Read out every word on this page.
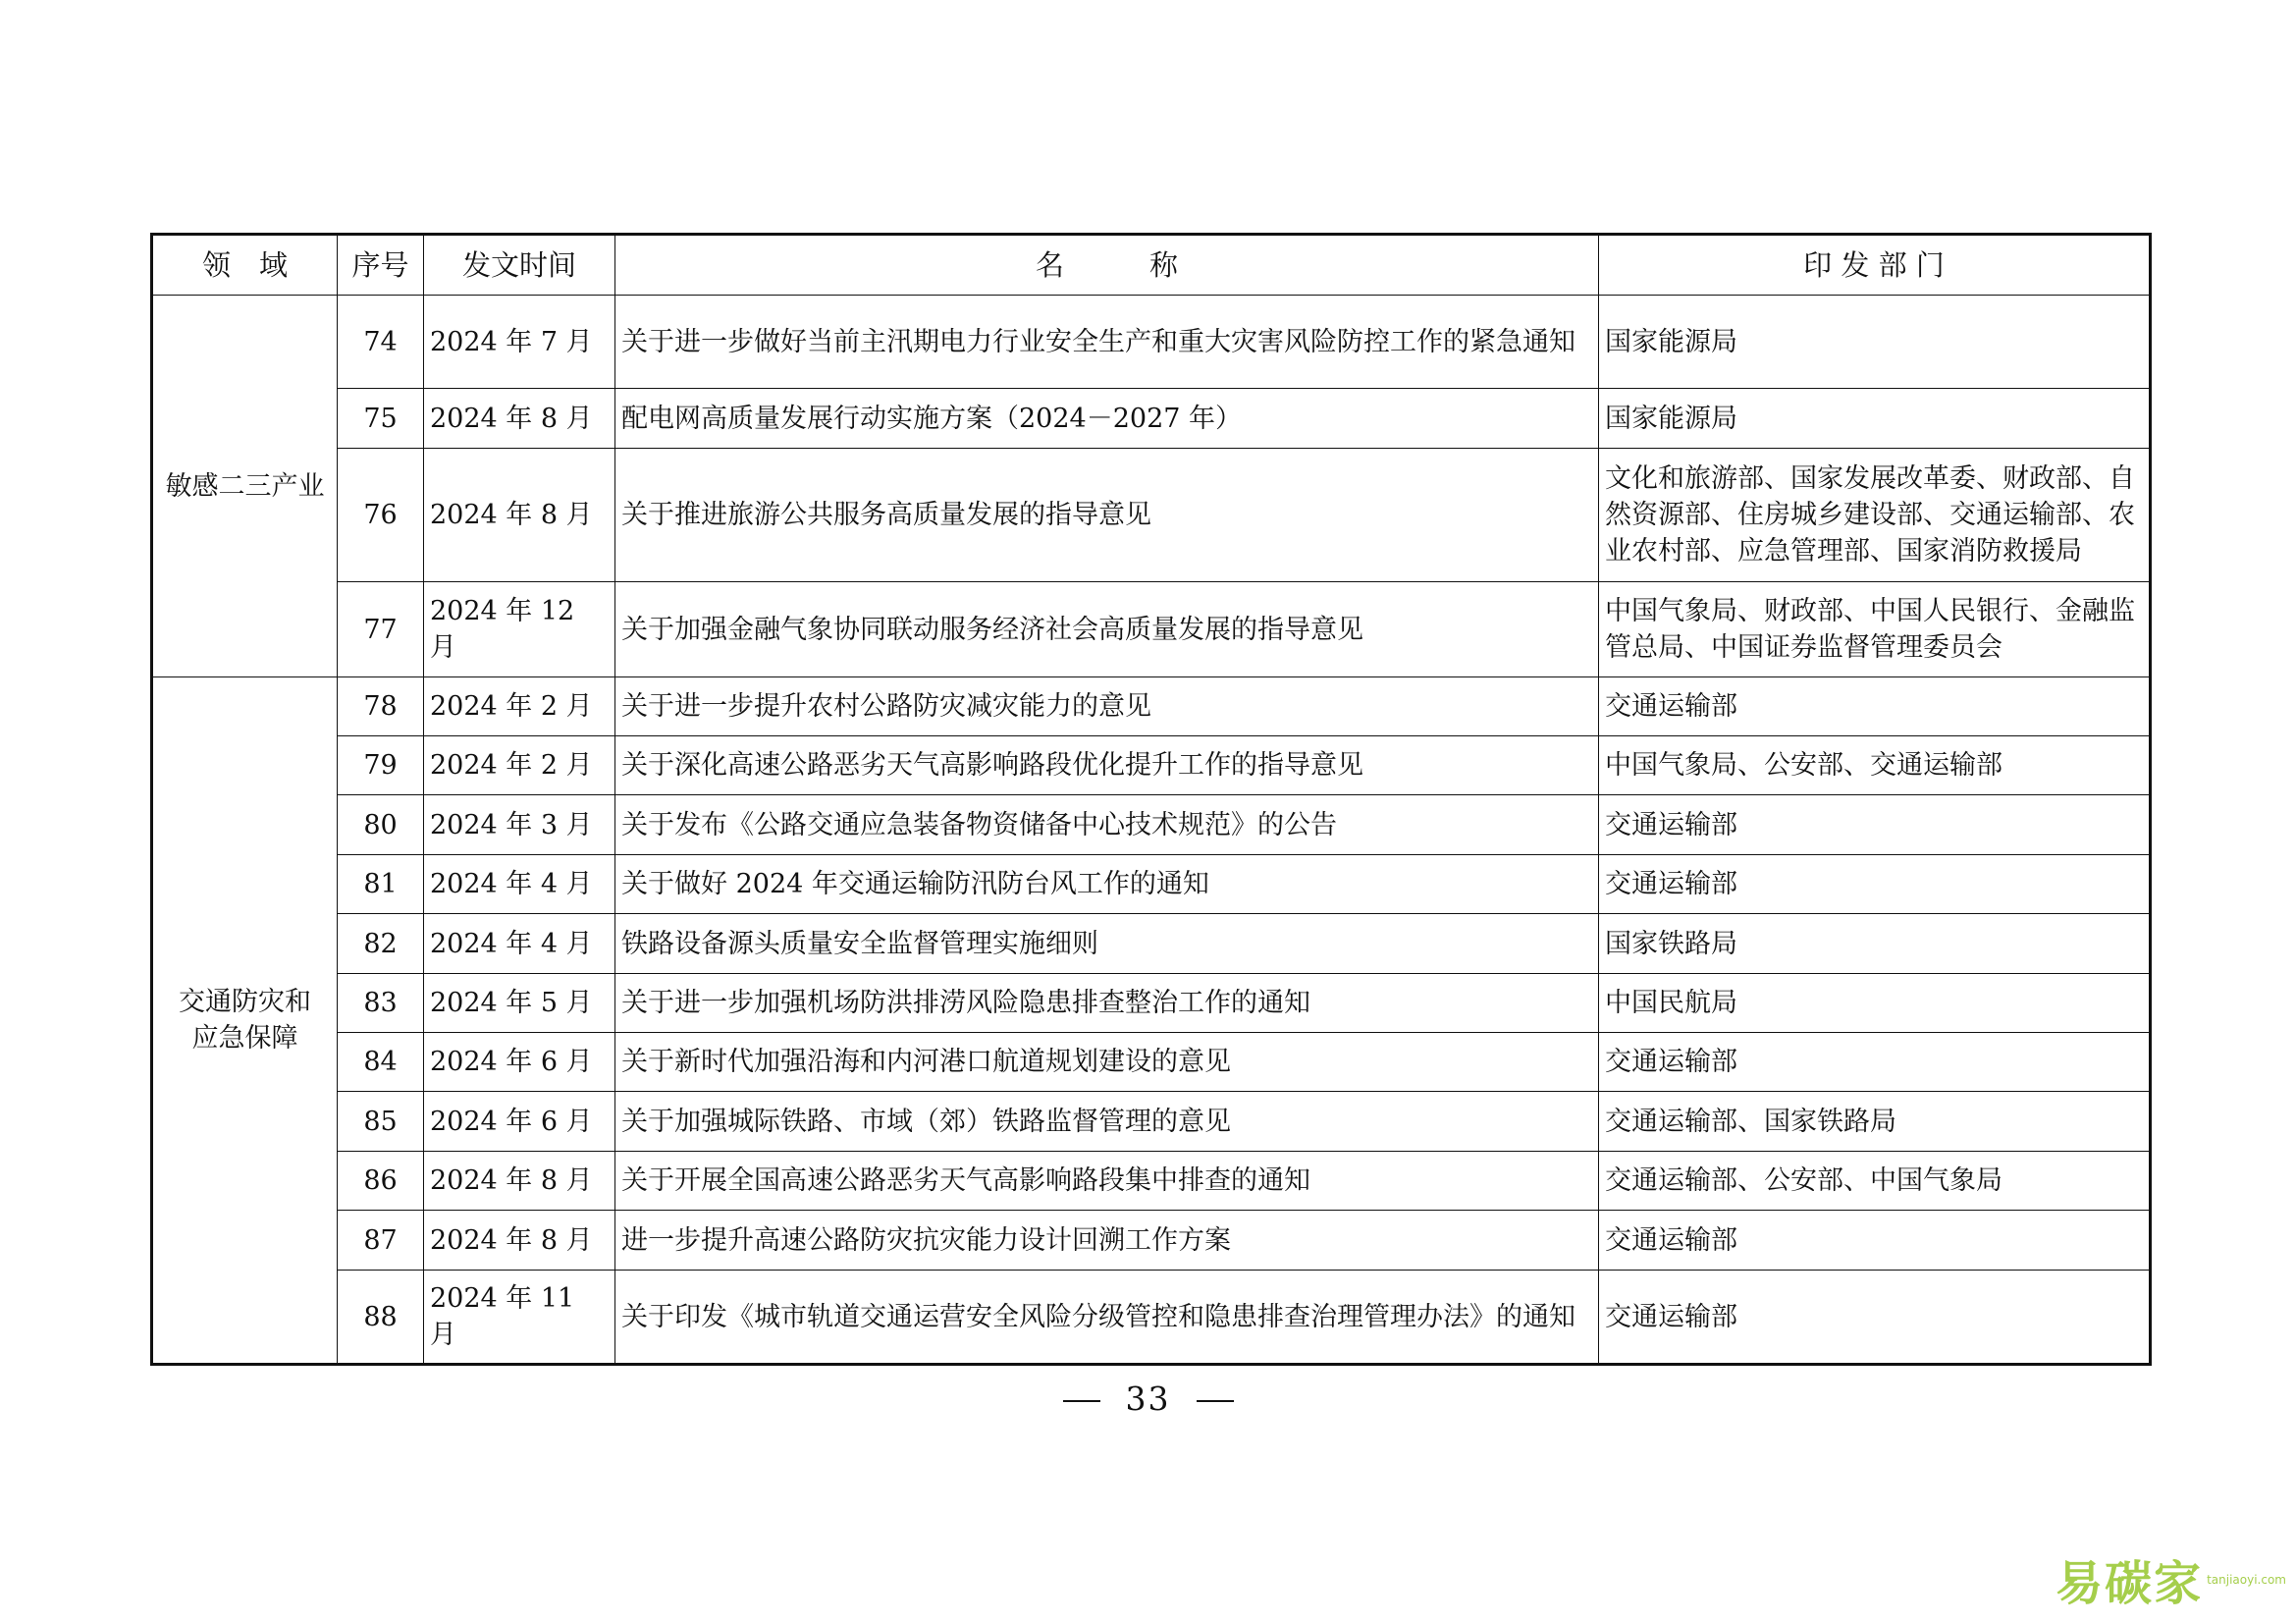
领　域	序号	发文时间	名　　　称	印 发 部 门
敏感二三产业	74	2024 年 7 月	关于进一步做好当前主汛期电力行业安全生产和重大灾害风险防控工作的紧急通知	国家能源局
	75	2024 年 8 月	配电网高质量发展行动实施方案（2024－2027 年）	国家能源局
	76	2024 年 8 月	关于推进旅游公共服务高质量发展的指导意见	文化和旅游部、国家发展改革委、财政部、自然资源部、住房城乡建设部、交通运输部、农业农村部、应急管理部、国家消防救援局
	77	2024 年 12 月	关于加强金融气象协同联动服务经济社会高质量发展的指导意见	中国气象局、财政部、中国人民银行、金融监管总局、中国证券监督管理委员会
交通防灾和应急保障	78	2024 年 2 月	关于进一步提升农村公路防灾减灾能力的意见	交通运输部
	79	2024 年 2 月	关于深化高速公路恶劣天气高影响路段优化提升工作的指导意见	中国气象局、公安部、交通运输部
	80	2024 年 3 月	关于发布《公路交通应急装备物资储备中心技术规范》的公告	交通运输部
	81	2024 年 4 月	关于做好 2024 年交通运输防汛防台风工作的通知	交通运输部
	82	2024 年 4 月	铁路设备源头质量安全监督管理实施细则	国家铁路局
	83	2024 年 5 月	关于进一步加强机场防洪排涝风险隐患排查整治工作的通知	中国民航局
	84	2024 年 6 月	关于新时代加强沿海和内河港口航道规划建设的意见	交通运输部
	85	2024 年 6 月	关于加强城际铁路、市域（郊）铁路监督管理的意见	交通运输部、国家铁路局
	86	2024 年 8 月	关于开展全国高速公路恶劣天气高影响路段集中排查的通知	交通运输部、公安部、中国气象局
	87	2024 年 8 月	进一步提升高速公路防灾抗灾能力设计回溯工作方案	交通运输部
	88	2024 年 11 月	关于印发《城市轨道交通运营安全风险分级管控和隐患排查治理管理办法》的通知	交通运输部
33
易碳家 tanjiaoyi.com
